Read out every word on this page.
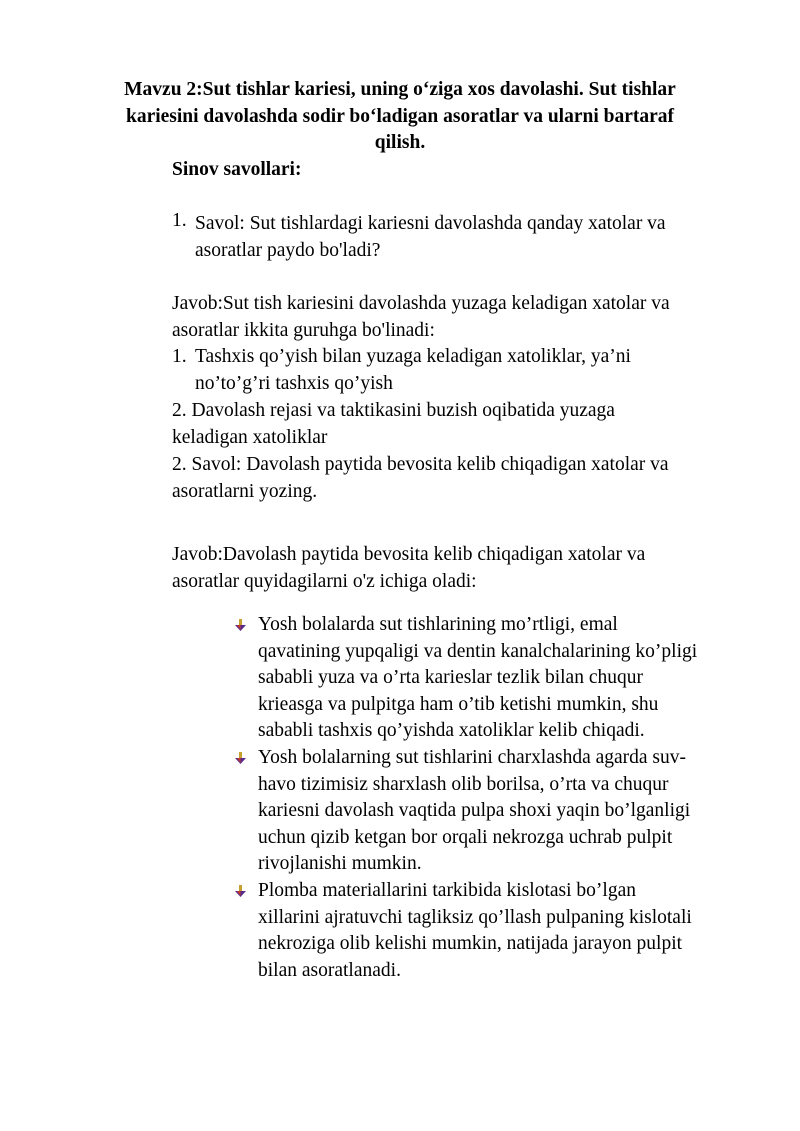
Mavzu 2:Sut tishlar kariesi, uning o‘ziga xos davolashi. Sut tishlar
kariesini davolashda sodir bo‘ladigan asoratlar va ularni bartaraf
qilish.
Sinov savollari:
1. Savol: Sut tishlardagi kariesni davolashda qanday xatolar va
asoratlar paydo bo'ladi?
Javob:Sut tish kariesini davolashda yuzaga keladigan xatolar va
asoratlar ikkita guruhga bo'linadi:
1. Tashxis qo’yish bilan yuzaga keladigan xatoliklar, ya’ni
no’to’g’ri tashxis qo’yish
2. Davolash rejasi va taktikasini buzish oqibatida yuzaga
keladigan xatoliklar
2. Savol: Davolash paytida bevosita kelib chiqadigan xatolar va
asoratlarni yozing.
Javob:Davolash paytida bevosita kelib chiqadigan xatolar va
asoratlar quyidagilarni o'z ichiga oladi:
Yosh bolalarda sut tishlarining mo’rtligi, emal
qavatining yupqaligi va dentin kanalchalarining ko’pligi
sababli yuza va o’rta karieslar tezlik bilan chuqur
krieasga va pulpitga ham o’tib ketishi mumkin, shu
sababli tashxis qo’yishda xatoliklar kelib chiqadi.
Yosh bolalarning sut tishlarini charxlashda agarda suv-
havo tizimisiz sharxlash olib borilsa, o’rta va chuqur
kariesni davolash vaqtida pulpa shoxi yaqin bo’lganligi
uchun qizib ketgan bor orqali nekrozga uchrab pulpit
rivojlanishi mumkin.
Plomba materiallarini tarkibida kislotasi bo’lgan
xillarini ajratuvchi tagliksiz qo’llash pulpaning kislotali
nekroziga olib kelishi mumkin, natijada jarayon pulpit
bilan asoratlanadi.
